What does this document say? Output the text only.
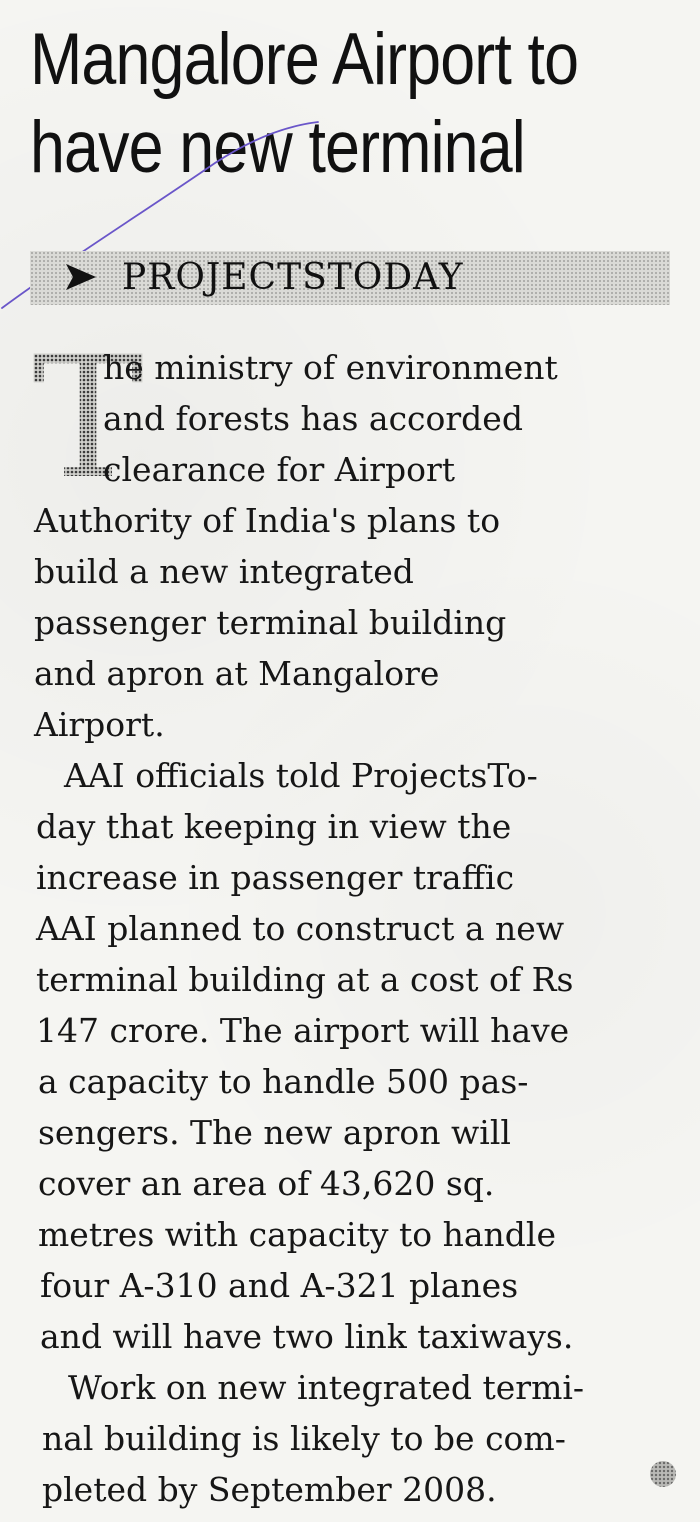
Mangalore Airport to
have new terminal
PROJECTSTODAY
T
he ministry of environment
and forests has accorded
clearance for Airport
Authority of India's plans to
build a new integrated
passenger terminal building
and apron at Mangalore
Airport.
AAI officials told ProjectsTo-
day that keeping in view the
increase in passenger traffic
AAI planned to construct a new
terminal building at a cost of Rs
147 crore. The airport will have
a capacity to handle 500 pas-
sengers. The new apron will
cover an area of 43,620 sq.
metres with capacity to handle
four A-310 and A-321 planes
and will have two link taxiways.
Work on new integrated termi-
nal building is likely to be com-
pleted by September 2008.
